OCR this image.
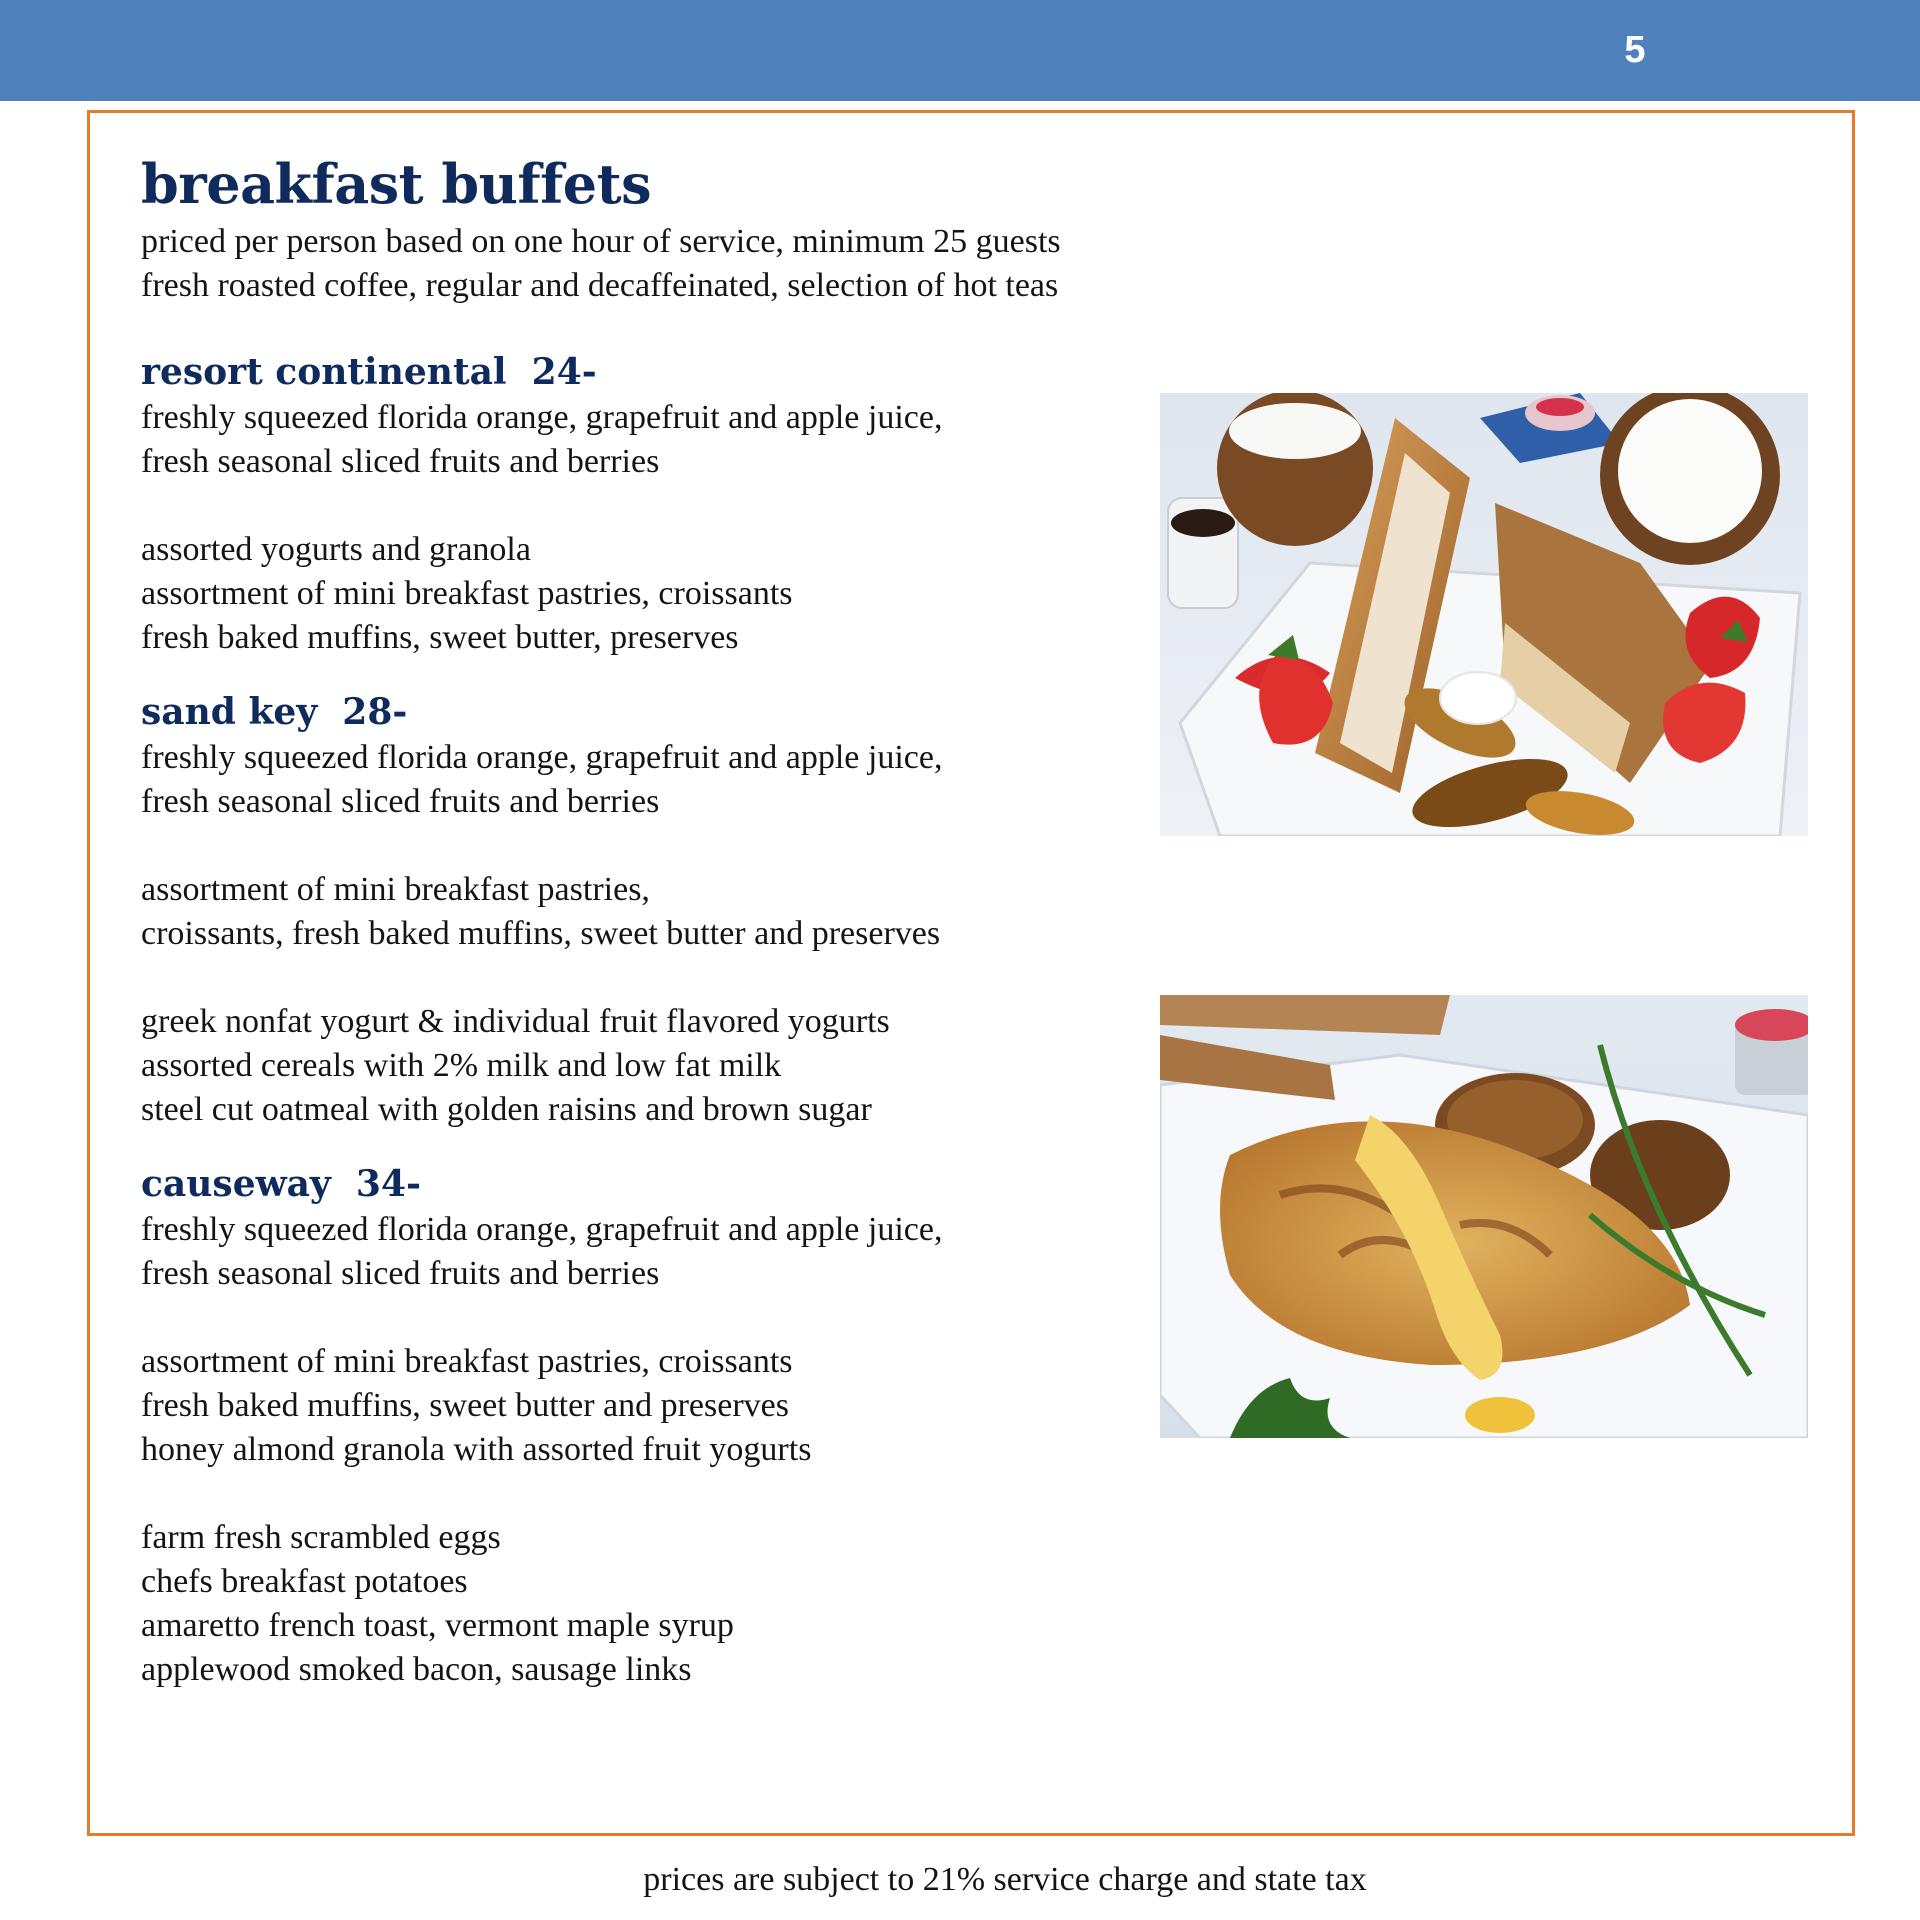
5
breakfast buffets

priced per person based on one hour of service, minimum 25 guests

fresh roasted coffee, regular and decaffeinated, selection of hot teas

resort continental  24-

freshly squeezed florida orange, grapefruit and apple juice,

fresh seasonal sliced fruits and berries

assorted yogurts and granola

assortment of mini breakfast pastries, croissants

fresh baked muffins, sweet butter, preserves

sand key  28-

freshly squeezed florida orange, grapefruit and apple juice,

fresh seasonal sliced fruits and berries

assortment of mini breakfast pastries,

croissants, fresh baked muffins, sweet butter and preserves

greek nonfat yogurt & individual fruit flavored yogurts

assorted cereals with 2% milk and low fat milk

steel cut oatmeal with golden raisins and brown sugar

causeway  34-

freshly squeezed florida orange, grapefruit and apple juice,

fresh seasonal sliced fruits and berries

assortment of mini breakfast pastries, croissants

fresh baked muffins, sweet butter and preserves

honey almond granola with assorted fruit yogurts

farm fresh scrambled eggs

chefs breakfast potatoes

amaretto french toast, vermont maple syrup

applewood smoked bacon, sausage links

prices are subject to 21% service charge and state tax
